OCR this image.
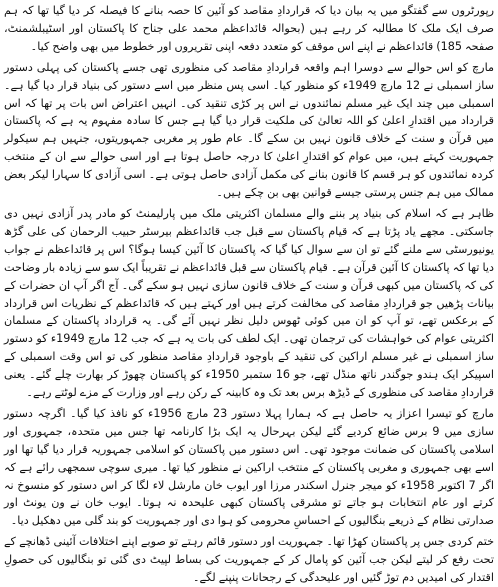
رپورٹروں سے گفتگو میں یہ بیان دیا کہ قراردادِ مقاصد کو آئین کا حصہ بنانے کا فیصلہ کر دیا گیا تھا کہ ہم صرف ایک ملک کا مطالبہ کر رہے ہیں (بحوالہ قائداعظم محمد علی جناح کا پاکستان اور اسٹیبلشمنٹ، صفحہ 185) قائداعظم نے اپنے اس موقف کو متعدد دفعہ اپنی تقریروں اور خطوط میں بھی واضح کیا۔

مارچ کو اس حوالے سے دوسرا اہم واقعہ قراردادِ مقاصد کی منظوری تھی جسے پاکستان کی پہلی دستور ساز اسمبلی نے 12 مارچ 1949ء کو منظور کیا۔ اسی پس منظر میں اسے دستور کی بنیاد قرار دیا گیا ہے۔ اسمبلی میں چند ایک غیر مسلم نمائندوں نے اس پر کڑی تنقید کی۔ انہیں اعتراض اس بات پر تھا کہ اس قرارداد میں اقتدارِ اعلیٰ کو اللہ تعالیٰ کی ملکیت قرار دیا گیا ہے جس کا سادہ مفہوم یہ ہے کہ پاکستان میں قرآن و سنت کے خلاف قانون نہیں بن سکے گا۔ عام طور پر مغربی جمہوریتوں، جنہیں ہم سیکولر جمہوریت کہتے ہیں، میں عوام کو اقتدارِ اعلیٰ کا درجہ حاصل ہوتا ہے اور اسی حوالے سے ان کے منتخب کردہ نمائندوں کو ہر قسم کا قانون بنانے کی مکمل آزادی حاصل ہوتی ہے۔ اسی آزادی کا سہارا لیکر بعض ممالک میں ہم جنس پرستی جیسے قوانین بھی بن چکے ہیں۔

ظاہر ہے کہ اسلام کی بنیاد پر بننے والے مسلمان اکثریتی ملک میں پارلیمنٹ کو مادر پدر آزادی نہیں دی جاسکتی۔ مجھے یاد پڑتا ہے کہ قیام پاکستان سے قبل جب قائداعظم بیرسٹر حبیب الرحمان کی علی گڑھ یونیورسٹی سے ملنے گئے تو ان سے سوال کیا گیا کہ پاکستان کا آئین کیسا ہوگا؟ اس پر قائداعظم نے جواب دیا تھا کہ پاکستان کا آئین قرآن ہے۔ قیام پاکستان سے قبل قائداعظم نے تقریباً ایک سو سے زیادہ بار وضاحت کی کہ پاکستان میں کبھی قرآن و سنت کے خلاف قانون سازی نہیں ہو سکے گی۔ آج اگر آپ ان حضرات کے بیانات پڑھیں جو قراردادِ مقاصد کی مخالفت کرتے ہیں اور کہتے ہیں کہ قائداعظم کے نظریات اس قرارداد کے برعکس تھے، تو آپ کو ان میں کوئی ٹھوس دلیل نظر نہیں آئے گی۔ یہ قرارداد پاکستان کے مسلمان اکثریتی عوام کی خواہشات کی ترجمان تھی۔ ایک لطف کی بات یہ ہے کہ جب 12 مارچ 1949ء کو دستور ساز اسمبلی نے غیر مسلم اراکین کی تنقید کے باوجود قراردادِ مقاصد منظور کی تو اس وقت اسمبلی کے اسپیکر ایک ہندو جوگندر ناتھ منڈل تھے، جو 16 ستمبر 1950ء کو پاکستان چھوڑ کر بھارت چلے گئے۔ یعنی قراردادِ مقاصد کی منظوری کے ڈیڑھ برس بعد تک وہ کابینہ کے رکن رہے اور وزارت کے مزے لوٹتے رہے۔

مارچ کو تیسرا اعزاز یہ حاصل ہے کہ ہمارا پہلا دستور 23 مارچ 1956ء کو نافذ کیا گیا۔ اگرچہ دستور سازی میں 9 برس ضائع کردیے گئے لیکن بہرحال یہ ایک بڑا کارنامہ تھا جس میں متحدہ، جمہوری اور اسلامی پاکستان کی ضمانت موجود تھی۔ اس دستور میں پاکستان کو اسلامی جمہوریہ قرار دیا گیا تھا اور اسے بھی جمہوری و مغربی پاکستان کے منتخب اراکین نے منظور کیا تھا۔ میری سوچی سمجھی رائے ہے کہ اگر 7 اکتوبر 1958ء کو میجر جنرل اسکندر مرزا اور ایوب خان مارشل لاء لگا کر اس دستور کو منسوخ نہ کرتے اور عام انتخابات ہو جاتے تو مشرقی پاکستان کبھی علیحدہ نہ ہوتا۔ ایوب خان نے ون یونٹ اور صدارتی نظام کے ذریعے بنگالیوں کے احساسِ محرومی کو ہوا دی اور جمہوریت کو بند گلی میں دھکیل دیا۔

ختم کردی جس پر پاکستان کھڑا تھا۔ جمہوریت اور دستور قائم رہتے تو صوبے اپنے اختلافات آئینی ڈھانچے کے تحت رفع کر لیتے لیکن جب آئین کو پامال کر کے جمہوریت کی بساط لپیٹ دی گئی تو بنگالیوں کی حصولِ اقتدار کی امیدیں دم توڑ گئیں اور علیحدگی کے رجحانات پنپنے لگے۔
